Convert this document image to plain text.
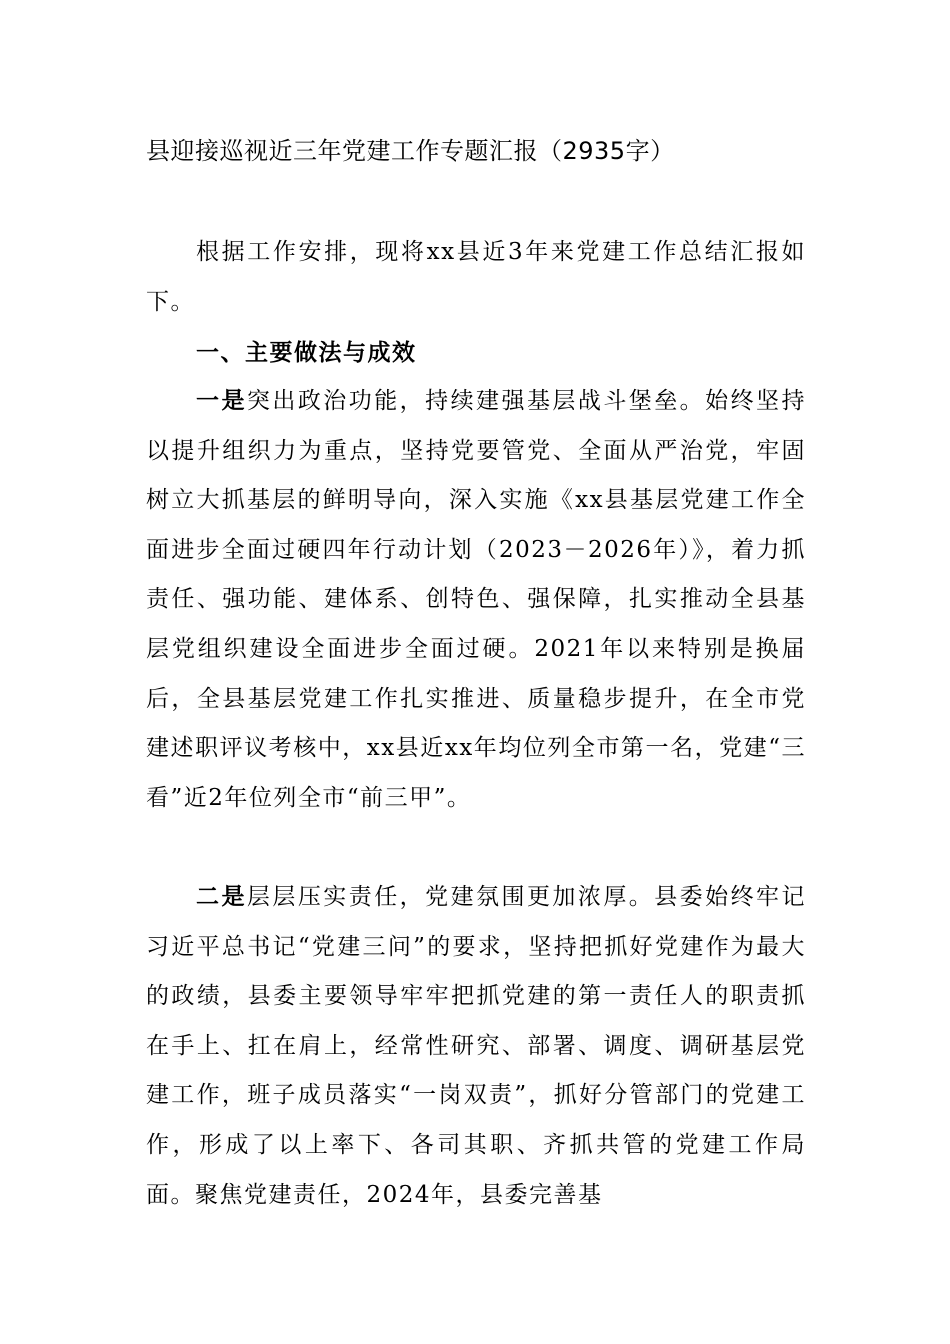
县迎接巡视近三年党建工作专题汇报（2935字）
根据工作安排，现将xx县近3年来党建工作总结汇报如下。
一、主要做法与成效
一是突出政治功能，持续建强基层战斗堡垒。始终坚持以提升组织力为重点，坚持党要管党、全面从严治党，牢固树立大抓基层的鲜明导向，深入实施《xx县基层党建工作全面进步全面过硬四年行动计划（2023－2026年）》，着力抓责任、强功能、建体系、创特色、强保障，扎实推动全县基层党组织建设全面进步全面过硬。2021年以来特别是换届后，全县基层党建工作扎实推进、质量稳步提升，在全市党建述职评议考核中，xx县近xx年均位列全市第一名，党建“三看”近2年位列全市“前三甲”。
二是层层压实责任，党建氛围更加浓厚。县委始终牢记习近平总书记“党建三问”的要求，坚持把抓好党建作为最大的政绩，县委主要领导牢牢把抓党建的第一责任人的职责抓在手上、扛在肩上，经常性研究、部署、调度、调研基层党建工作，班子成员落实“一岗双责”，抓好分管部门的党建工作，形成了以上率下、各司其职、齐抓共管的党建工作局面。聚焦党建责任，2024年，县委完善基
